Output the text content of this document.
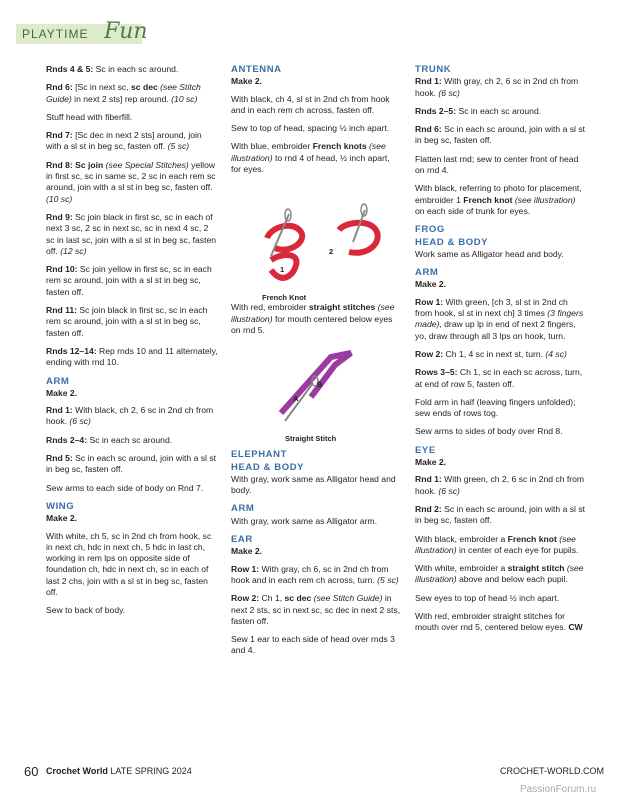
PLAYTIME Fun

Rnds 4 & 5: Sc in each sc around.

Rnd 6: [Sc in next sc, sc dec (see Stitch Guide) in next 2 sts] rep around. (10 sc)

Stuff head with fiberfill.

Rnd 7: [Sc dec in next 2 sts] around, join with a sl st in beg sc, fasten off. (5 sc)

Rnd 8: Sc join (see Special Stitches) yellow in first sc, sc in same sc, 2 sc in each rem sc around, join with a sl st in beg sc, fasten off. (10 sc)

Rnd 9: Sc join black in first sc, sc in each of next 3 sc, 2 sc in next sc, sc in next 4 sc, 2 sc in last sc, join with a sl st in beg sc, fasten off. (12 sc)

Rnd 10: Sc join yellow in first sc, sc in each rem sc around, join with a sl st in beg sc, fasten off.

Rnd 11: Sc join black in first sc, sc in each rem sc around, join with a sl st in beg sc, fasten off.

Rnds 12–14: Rep rnds 10 and 11 alternately, ending with rnd 10.

ARM
Make 2.

Rnd 1: With black, ch 2, 6 sc in 2nd ch from hook. (6 sc)

Rnds 2–4: Sc in each sc around.

Rnd 5: Sc in each sc around, join with a sl st in beg sc, fasten off.

Sew arms to each side of body on Rnd 7.

WING
Make 2.

With white, ch 5, sc in 2nd ch from hook, sc in next ch, hdc in next ch, 5 hdc in last ch, working in rem lps on opposite side of foundation ch, hdc in next ch, sc in each of last 2 chs, join with a sl st in beg sc, fasten off.

Sew to back of body.

ANTENNA
Make 2.

With black, ch 4, sl st in 2nd ch from hook and in each rem ch across, fasten off.

Sew to top of head, spacing ½ inch apart.

With blue, embroider French knots (see illustration) to rnd 4 of head, ½ inch apart, for eyes.

French Knot
1
2

With red, embroider straight stitches (see illustration) for mouth centered below eyes on rnd 5.

Straight Stitch
A
B
ELEPHANT
HEAD & BODY

With gray, work same as Alligator head and body.

ARM

With gray, work same as Alligator arm.

EAR
Make 2.

Row 1: With gray, ch 6, sc in 2nd ch from hook and in each rem ch across, turn. (5 sc)

Row 2: Ch 1, sc dec (see Stitch Guide) in next 2 sts, sc in next sc, sc dec in next 2 sts, fasten off.

Sew 1 ear to each side of head over rnds 3 and 4.

TRUNK

Rnd 1: With gray, ch 2, 6 sc in 2nd ch from hook. (6 sc)

Rnds 2–5: Sc in each sc around.

Rnd 6: Sc in each sc around, join with a sl st in beg sc, fasten off.

Flatten last rnd; sew to center front of head on rnd 4.

With black, referring to photo for placement, embroider 1 French knot (see illustration) on each side of trunk for eyes.

FROG
HEAD & BODY

Work same as Alligator head and body.

ARM
Make 2.

Row 1: With green, [ch 3, sl st in 2nd ch from hook, sl st in next ch] 3 times (3 fingers made), draw up lp in end of next 2 fingers, yo, draw through all 3 lps on hook, turn.

Row 2: Ch 1, 4 sc in next st, turn. (4 sc)

Rows 3–5: Ch 1, sc in each sc across, turn, at end of row 5, fasten off.

Fold arm in half (leaving fingers unfolded); sew ends of rows tog.

Sew arms to sides of body over Rnd 8.

EYE
Make 2.

Rnd 1: With green, ch 2, 6 sc in 2nd ch from hook. (6 sc)

Rnd 2: Sc in each sc around, join with a sl st in beg sc, fasten off.

With black, embroider a French knot (see illustration) in center of each eye for pupils.

With white, embroider a straight stitch (see illustration) above and below each pupil.

Sew eyes to top of head ½ inch apart.

With red, embroider straight stitches for mouth over rnd 5, centered below eyes. CW

60 Crochet World LATE SPRING 2024	CROCHET-WORLD.COM
PassionForum.ru
